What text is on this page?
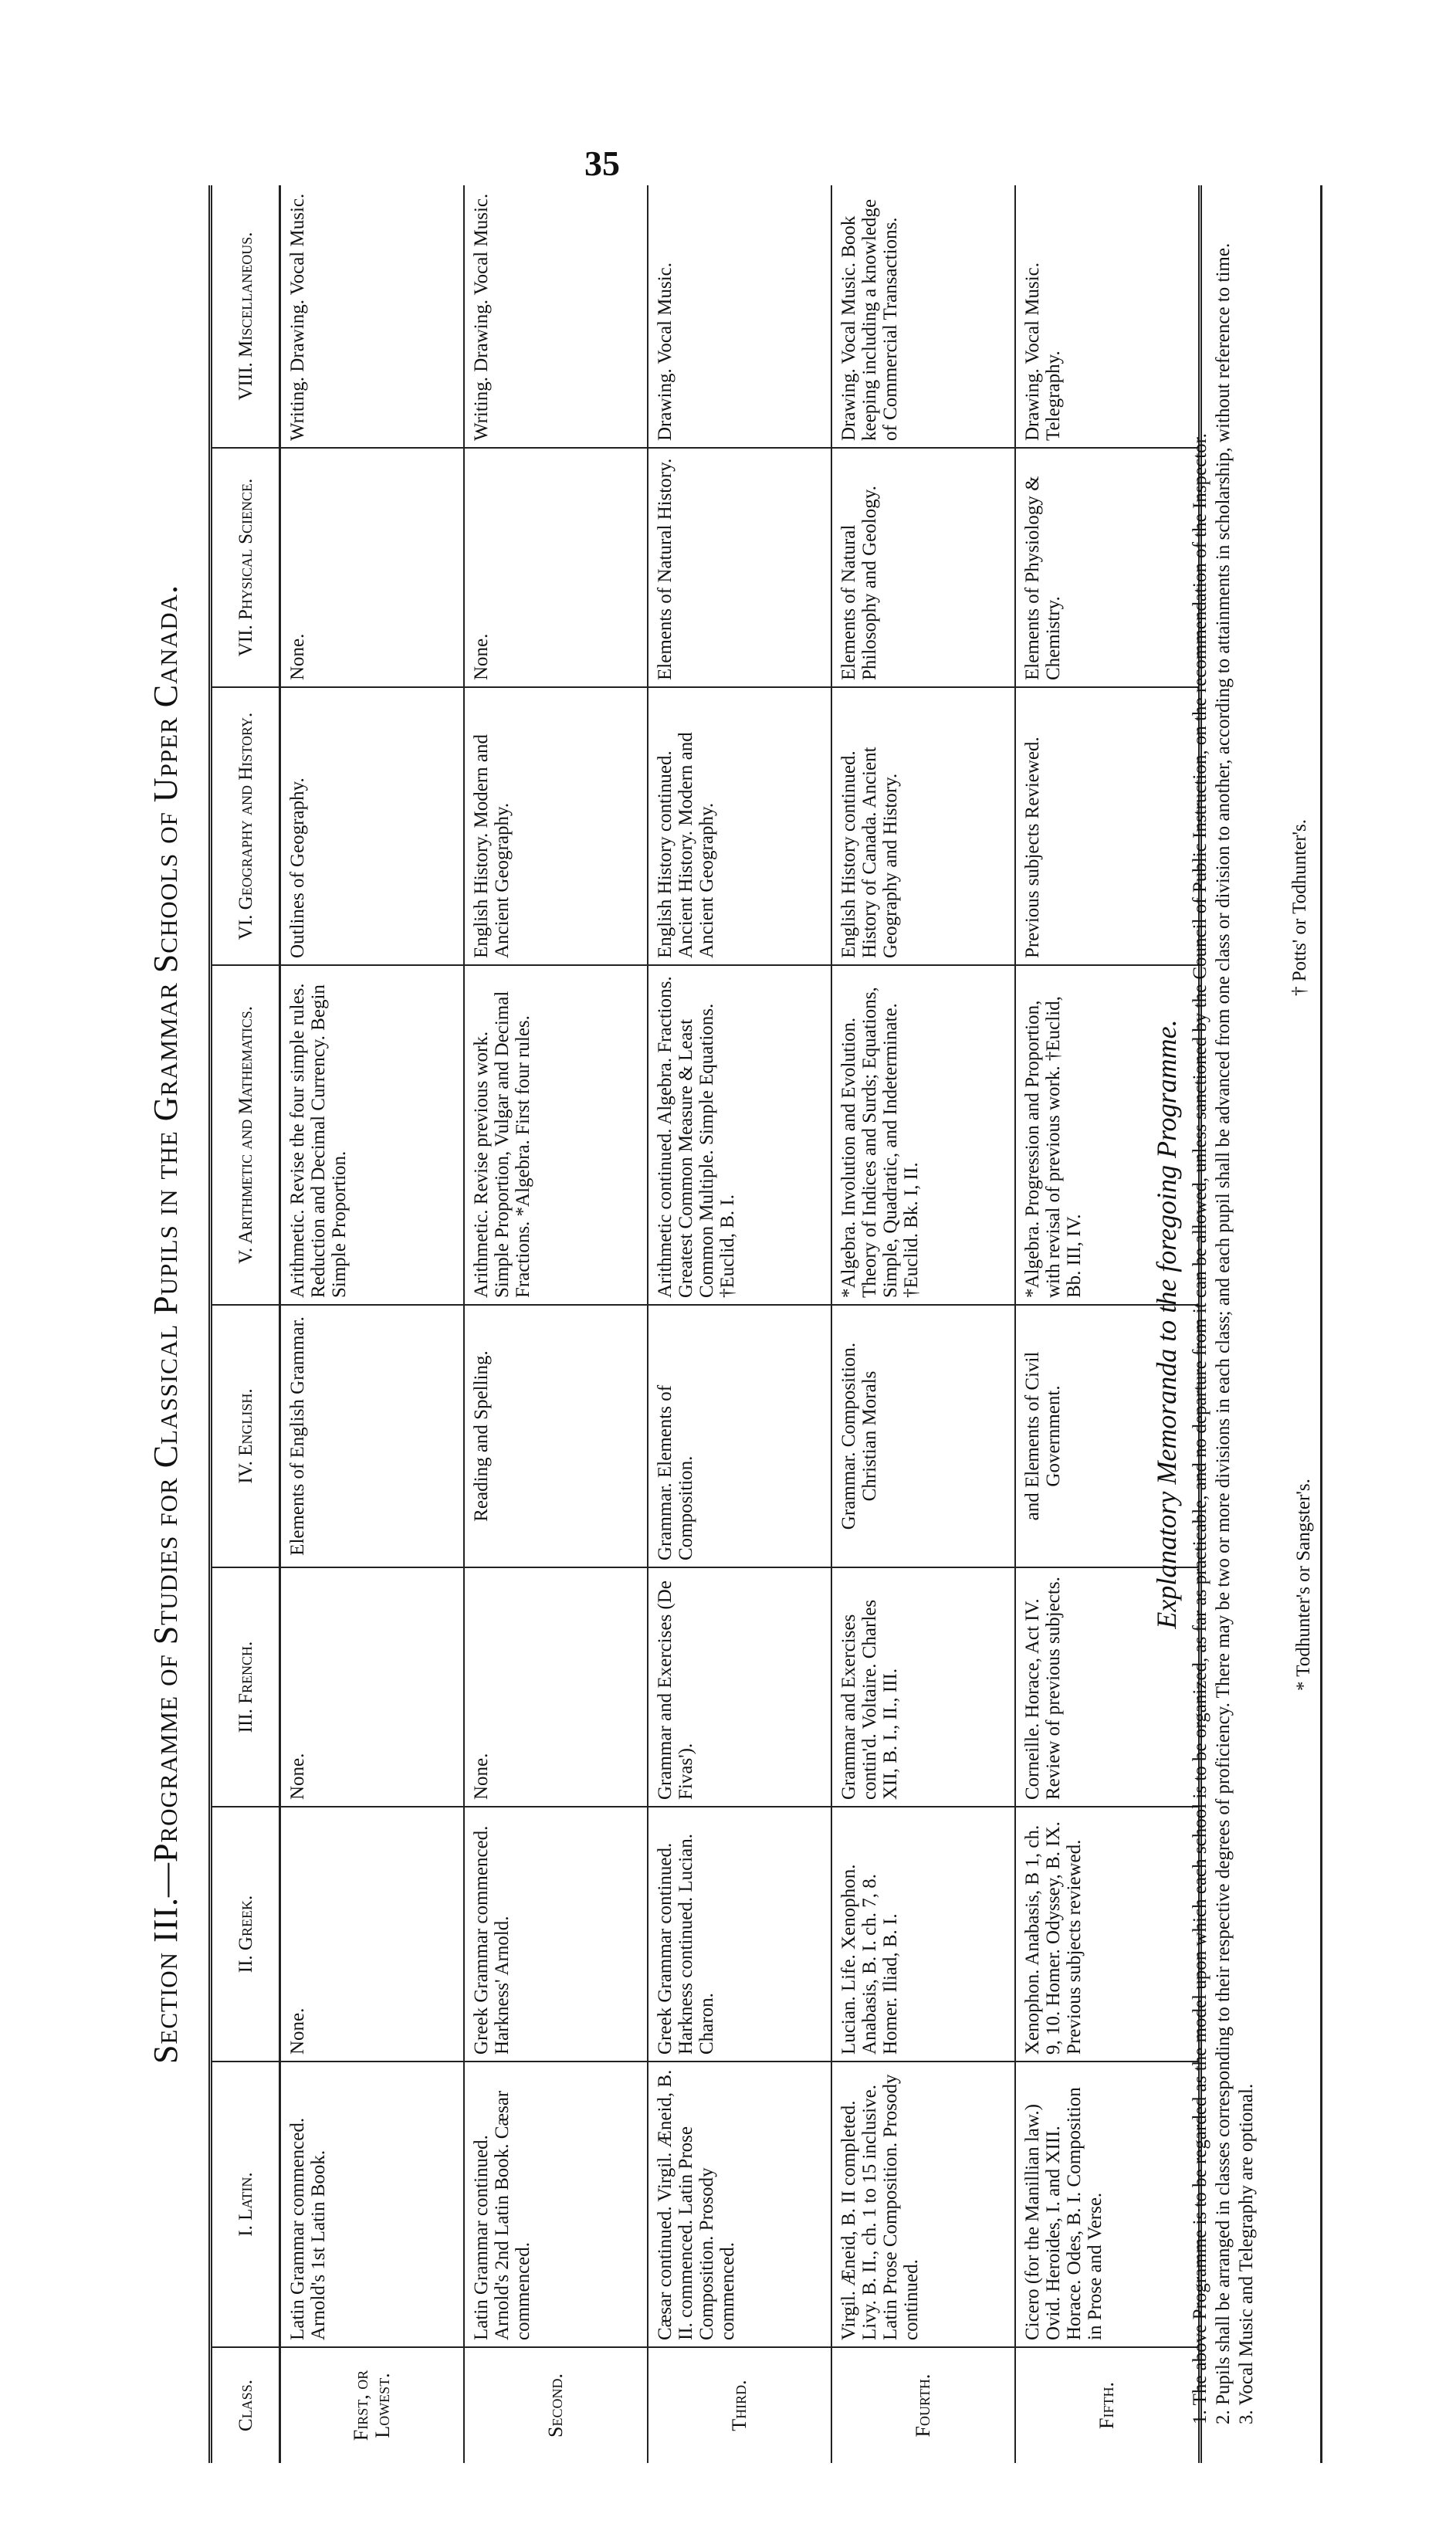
35
Section III.—Programme of Studies for Classical Pupils in the Grammar Schools of Upper Canada.
Class.	I. Latin.	II. Greek.	III. French.	IV. English.	V. Arithmetic and Mathematics.	VI. Geography and History.	VII. Physical Science.	VIII. Miscellaneous.
First, or Lowest.	Latin Grammar commenced. Arnold's 1st Latin Book.	None.	None.	Elements of English Grammar.	Arithmetic. Revise the four simple rules. Reduction and Decimal Currency. Begin Simple Proportion.	Outlines of Geography.	None.	Writing. Drawing. Vocal Music.
Second.	Latin Grammar continued. Arnold's 2nd Latin Book. Cæsar commenced.	Greek Grammar commenced. Harkness' Arnold.	None.	Reading and Spelling.	Arithmetic. Revise previous work. Simple Proportion, Vulgar and Decimal Fractions. *Algebra. First four rules.	English History. Modern and Ancient Geography.	None.	Writing. Drawing. Vocal Music.
Third.	Cæsar continued. Virgil. Æneid, B. II. commenced. Latin Prose Composition. Prosody commenced.	Greek Grammar continued. Harkness continued. Lucian. Charon.	Grammar and Exercises (De Fivas').	Grammar. Elements of Composition.	Arithmetic continued. Algebra. Fractions. Greatest Common Measure & Least Common Multiple. Simple Equations. †Euclid, B. I.	English History continued. Ancient History. Modern and Ancient Geography.	Elements of Natural History.	Drawing. Vocal Music.
Fourth.	Virgil. Æneid, B. II completed. Livy. B. II., ch. 1 to 15 inclusive. Latin Prose Composition. Prosody continued.	Lucian. Life. Xenophon. Anabasis, B. I. ch. 7, 8. Homer. Iliad, B. I.	Grammar and Exercises contin'd. Voltaire. Charles XII, B. I., II., III.	Grammar. Composition. Christian Morals	*Algebra. Involution and Evolution. Theory of Indices and Surds; Equations, Simple, Quadratic, and Indeterminate. †Euclid. Bk. I, II.	English History continued. History of Canada. Ancient Geography and History.	Elements of Natural Philosophy and Geology.	Drawing. Vocal Music. Book keeping including a knowledge of Commercial Transactions.
Fifth.	Cicero (for the Manillian law.) Ovid. Heroides, I. and XIII. Horace. Odes, B. I. Composition in Prose and Verse.	Xenophon. Anabasis, B 1, ch. 9, 10. Homer. Odyssey, B. IX. Previous subjects reviewed.	Corneille. Horace, Act IV. Review of previous subjects.	and Elements of Civil Government.	*Algebra. Progression and Proportion, with revisal of previous work. †Euclid, Bb. III, IV.	Previous subjects Reviewed.	Elements of Physiology & Chemistry.	Drawing. Vocal Music. Telegraphy.
Explanatory Memoranda to the foregoing Programme. 1. The above Programme is to be regarded as the model upon which each school is to be organized, as far as practicable, and no departure from it can be allowed, unless sanctioned by the Council of Public Instruction, on the recommendation of the Inspector. 2. Pupils shall be arranged in classes corresponding to their respective degrees of proficiency. There may be two or more divisions in each class; and each pupil shall be advanced from one class or division to another, according to attainments in scholarship, without reference to time. 3. Vocal Music and Telegraphy are optional.

† Potts' or Todhunter's.
* Todhunter's or Sangster's.
